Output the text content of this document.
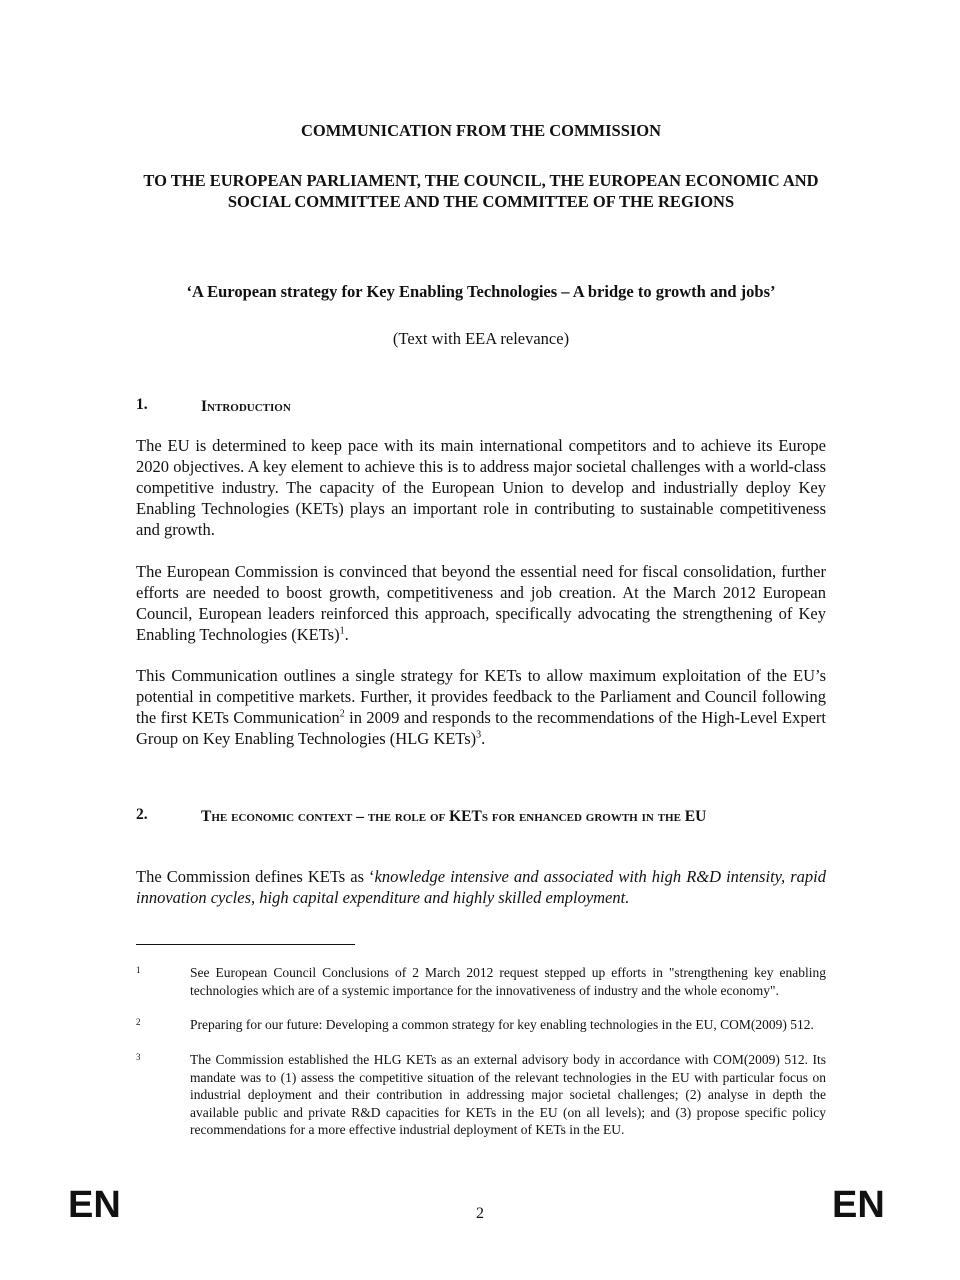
COMMUNICATION FROM THE COMMISSION
TO THE EUROPEAN PARLIAMENT, THE COUNCIL, THE EUROPEAN ECONOMIC AND SOCIAL COMMITTEE AND THE COMMITTEE OF THE REGIONS
‘A European strategy for Key Enabling Technologies – A bridge to growth and jobs’
(Text with EEA relevance)
1.	Introduction
The EU is determined to keep pace with its main international competitors and to achieve its Europe 2020 objectives. A key element to achieve this is to address major societal challenges with a world-class competitive industry. The capacity of the European Union to develop and industrially deploy Key Enabling Technologies (KETs) plays an important role in contributing to sustainable competitiveness and growth.
The European Commission is convinced that beyond the essential need for fiscal consolidation, further efforts are needed to boost growth, competitiveness and job creation. At the March 2012 European Council, European leaders reinforced this approach, specifically advocating the strengthening of Key Enabling Technologies (KETs)$^1$.
This Communication outlines a single strategy for KETs to allow maximum exploitation of the EU’s potential in competitive markets. Further, it provides feedback to the Parliament and Council following the first KETs Communication$^2$ in 2009 and responds to the recommendations of the High-Level Expert Group on Key Enabling Technologies (HLG KETs)$^3$.
2.	The economic context – the role of KETs for enhanced growth in the EU
The Commission defines KETs as ‘knowledge intensive and associated with high R&D intensity, rapid innovation cycles, high capital expenditure and highly skilled employment.
1	See European Council Conclusions of 2 March 2012 request stepped up efforts in "strengthening key enabling technologies which are of a systemic importance for the innovativeness of industry and the whole economy".
2	Preparing for our future: Developing a common strategy for key enabling technologies in the EU, COM(2009) 512.
3	The Commission established the HLG KETs as an external advisory body in accordance with COM(2009) 512. Its mandate was to (1) assess the competitive situation of the relevant technologies in the EU with particular focus on industrial deployment and their contribution in addressing major societal challenges; (2) analyse in depth the available public and private R&D capacities for KETs in the EU (on all levels); and (3) propose specific policy recommendations for a more effective industrial deployment of KETs in the EU.
EN	2	EN
